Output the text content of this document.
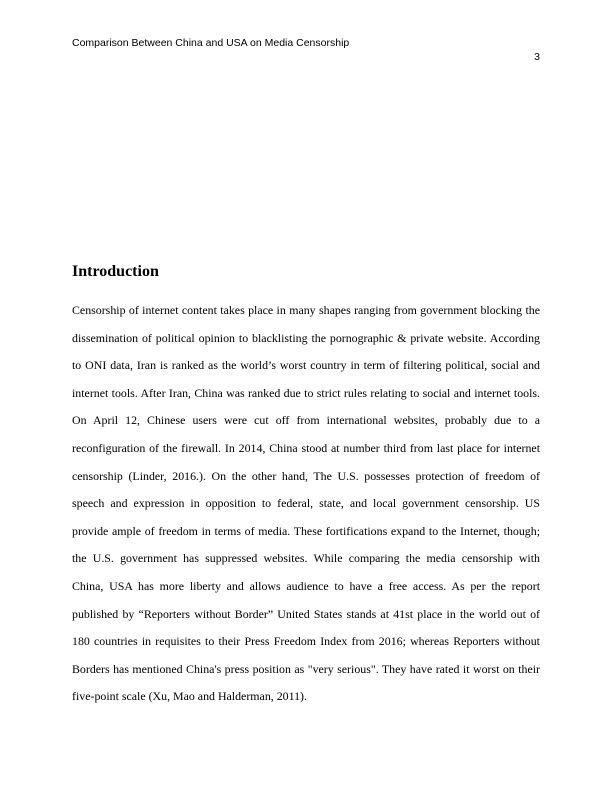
Comparison Between China and USA on Media Censorship
3
Introduction
Censorship of internet content takes place in many shapes ranging from government blocking the
dissemination of political opinion to blacklisting the pornographic & private website. According
to ONI data, Iran is ranked as the world’s worst country in term of filtering political, social and
internet tools. After Iran, China was ranked due to strict rules relating to social and internet tools.
On April 12, Chinese users were cut off from international websites, probably due to a
reconfiguration of the firewall. In 2014, China stood at number third from last place for internet
censorship (Linder, 2016.). On the other hand, The U.S. possesses protection of freedom of
speech and expression in opposition to federal, state, and local government censorship. US
provide ample of freedom in terms of media. These fortifications expand to the Internet, though;
the U.S. government has suppressed websites. While comparing the media censorship with
China, USA has more liberty and allows audience to have a free access. As per the report
published by “Reporters without Border” United States stands at 41st place in the world out of
180 countries in requisites to their Press Freedom Index from 2016; whereas Reporters without
Borders has mentioned China's press position as "very serious". They have rated it worst on their
five-point scale (Xu, Mao and Halderman, 2011).
